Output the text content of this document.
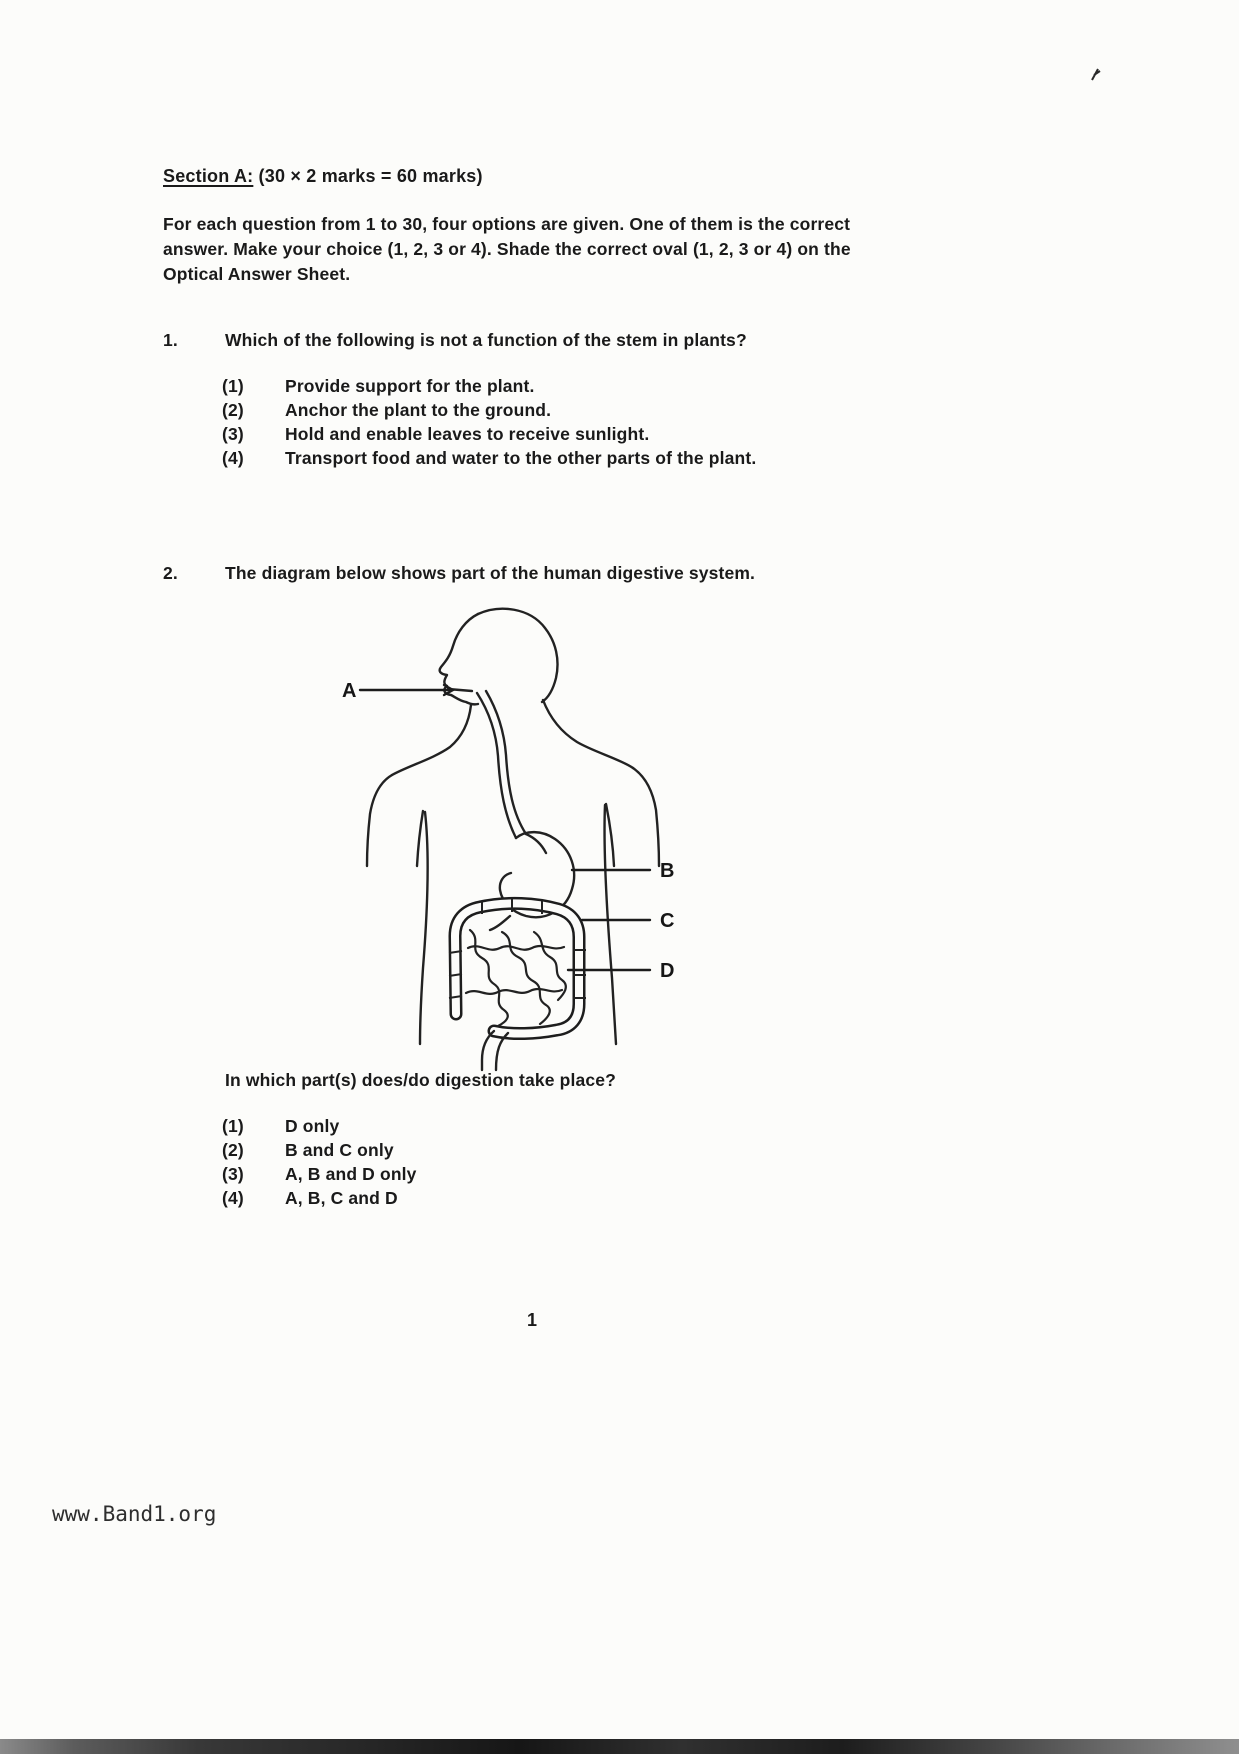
Section A: (30 × 2 marks = 60 marks)
For each question from 1 to 30, four options are given. One of them is the correct answer. Make your choice (1, 2, 3 or 4). Shade the correct oval (1, 2, 3 or 4) on the Optical Answer Sheet.
1.	Which of the following is not a function of the stem in plants?
(1)	Provide support for the plant.
(2)	Anchor the plant to the ground.
(3)	Hold and enable leaves to receive sunlight.
(4)	Transport food and water to the other parts of the plant.
2.	The diagram below shows part of the human digestive system.
A
B
C
D
In which part(s) does/do digestion take place?
(1)	D only
(2)	B and C only
(3)	A, B and D only
(4)	A, B, C and D
1
www.Band1.org
